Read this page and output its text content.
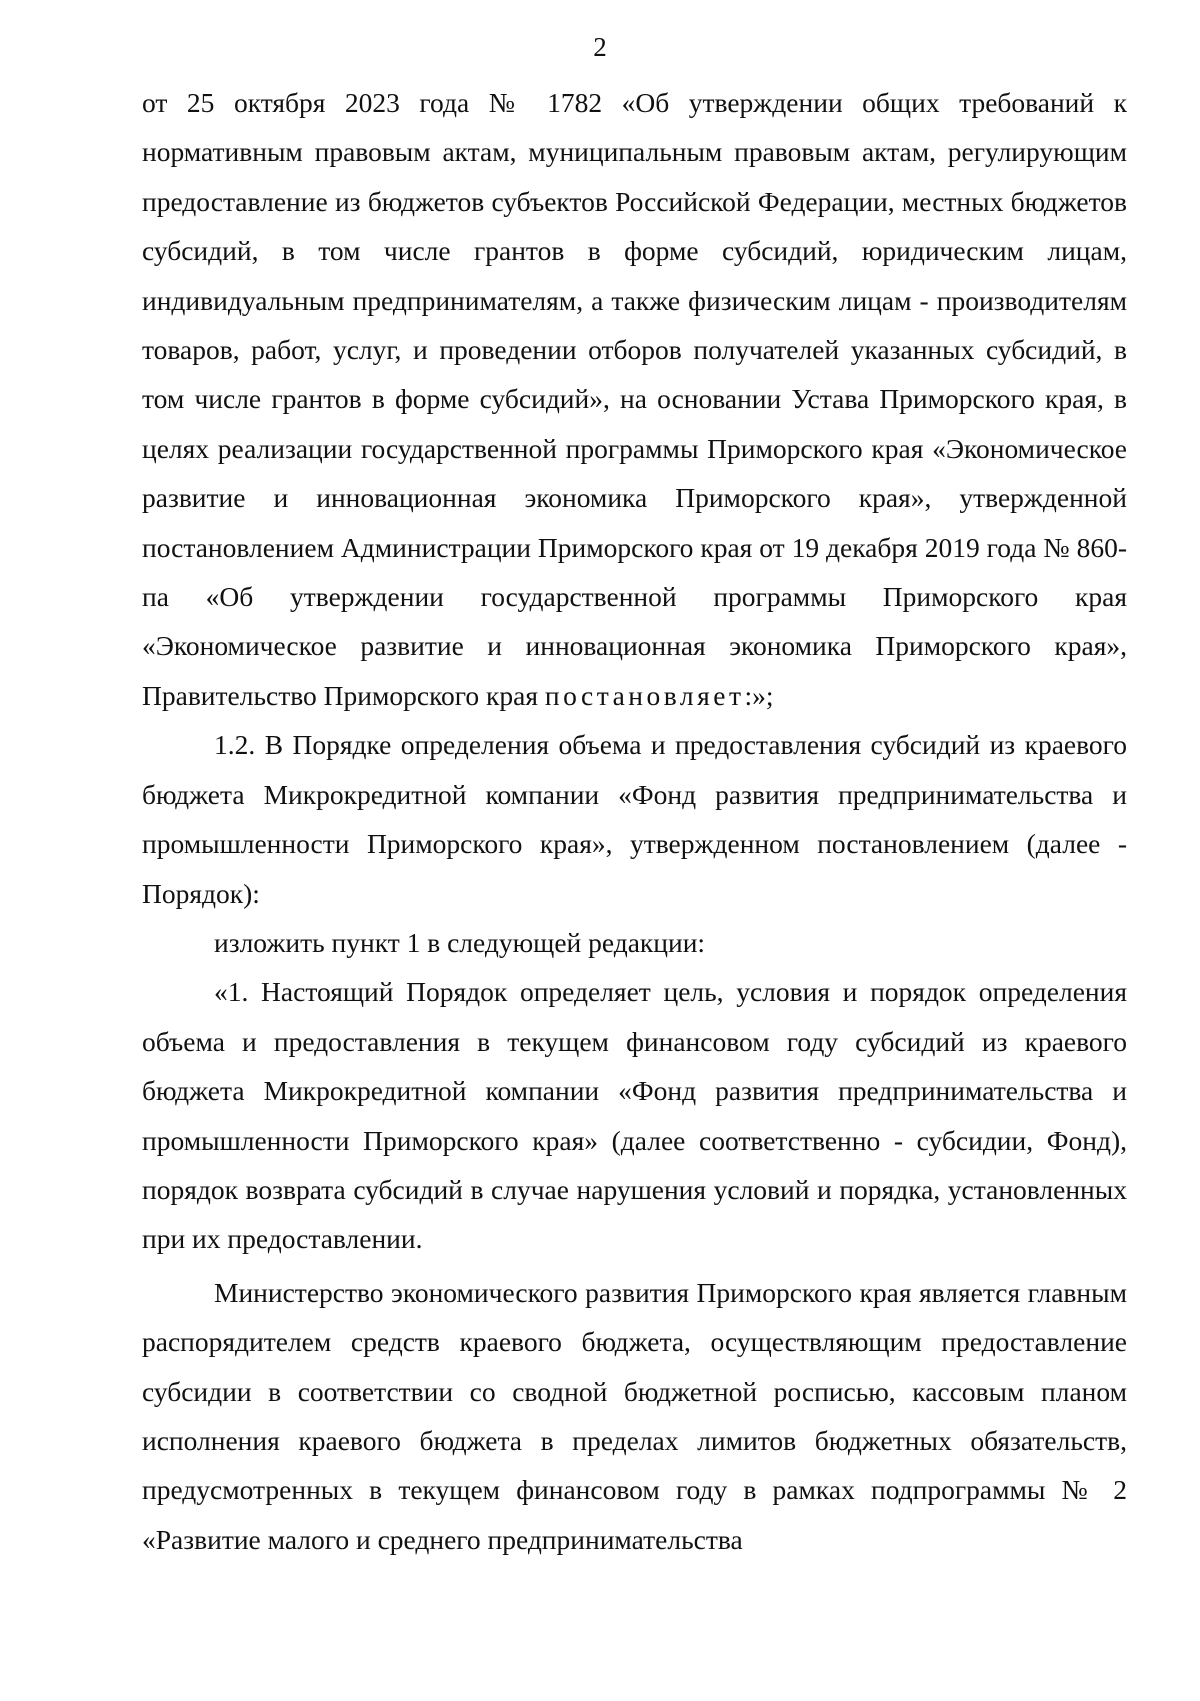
2

от 25 октября 2023 года № 1782 «Об утверждении общих требований к нормативным правовым актам, муниципальным правовым актам, регулирующим предоставление из бюджетов субъектов Российской Федерации, местных бюджетов субсидий, в том числе грантов в форме субсидий, юридическим лицам, индивидуальным предпринимателям, а также физическим лицам - производителям товаров, работ, услуг, и проведении отборов получателей указанных субсидий, в том числе грантов в форме субсидий», на основании Устава Приморского края, в целях реализации государственной программы Приморского края «Экономическое развитие и инновационная экономика Приморского края», утвержденной постановлением Администрации Приморского края от 19 декабря 2019 года № 860-па «Об утверждении государственной программы Приморского края «Экономическое развитие и инновационная экономика Приморского края», Правительство Приморского края постановляет:»;

1.2. В Порядке определения объема и предоставления субсидий из краевого бюджета Микрокредитной компании «Фонд развития предпринимательства и промышленности Приморского края», утвержденном постановлением (далее - Порядок):

изложить пункт 1 в следующей редакции:

«1. Настоящий Порядок определяет цель, условия и порядок определения объема и предоставления в текущем финансовом году субсидий из краевого бюджета Микрокредитной компании «Фонд развития предпринимательства и промышленности Приморского края» (далее соответственно - субсидии, Фонд), порядок возврата субсидий в случае нарушения условий и порядка, установленных при их предоставлении.

Министерство экономического развития Приморского края является главным распорядителем средств краевого бюджета, осуществляющим предоставление субсидии в соответствии со сводной бюджетной росписью, кассовым планом исполнения краевого бюджета в пределах лимитов бюджетных обязательств, предусмотренных в текущем финансовом году в рамках подпрограммы № 2 «Развитие малого и среднего предпринимательства
